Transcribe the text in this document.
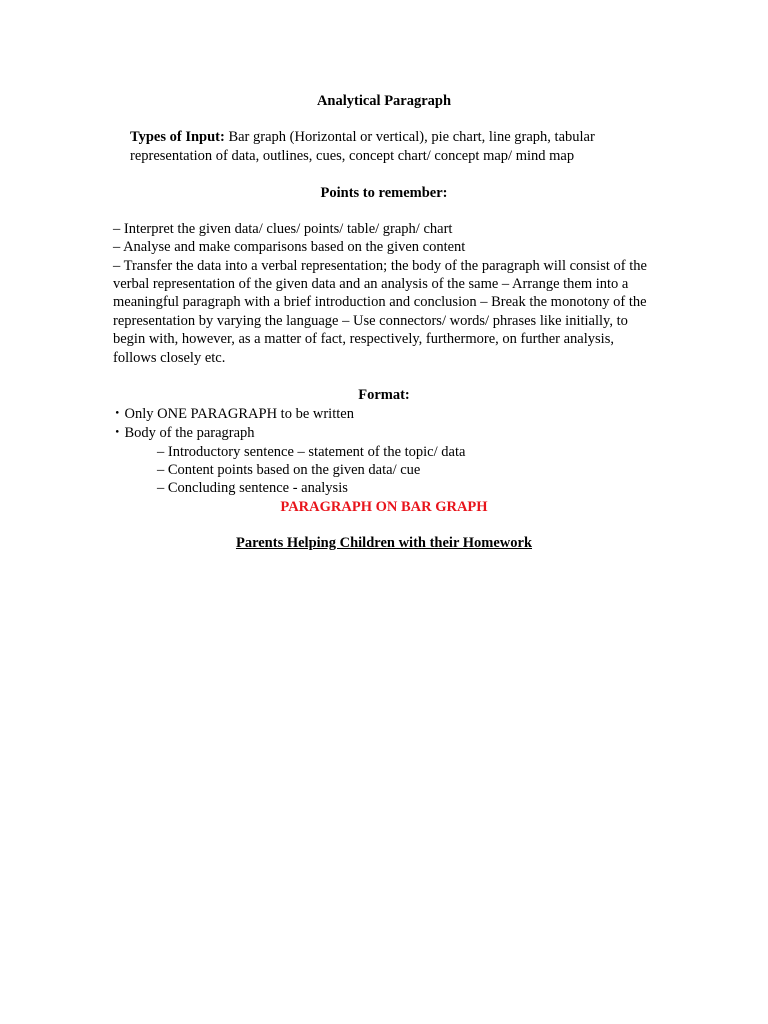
Analytical Paragraph
Types of Input: Bar graph (Horizontal or vertical), pie chart, line graph, tabular
representation of data, outlines, cues, concept chart/ concept map/ mind map
Points to remember:
– Interpret the given data/ clues/ points/ table/ graph/ chart
– Analyse and make comparisons based on the given content
– Transfer the data into a verbal representation; the body of the paragraph will consist of the
verbal representation of the given data and an analysis of the same – Arrange them into a
meaningful paragraph with a brief introduction and conclusion – Break the monotony of the
representation by varying the language – Use connectors/ words/ phrases like initially, to
begin with, however, as a matter of fact, respectively, furthermore, on further analysis,
follows closely etc.
Format:
・Only ONE PARAGRAPH to be written
・Body of the paragraph
– Introductory sentence – statement of the topic/ data
– Content points based on the given data/ cue
– Concluding sentence - analysis
PARAGRAPH ON BAR GRAPH
Parents Helping Children with their Homework
